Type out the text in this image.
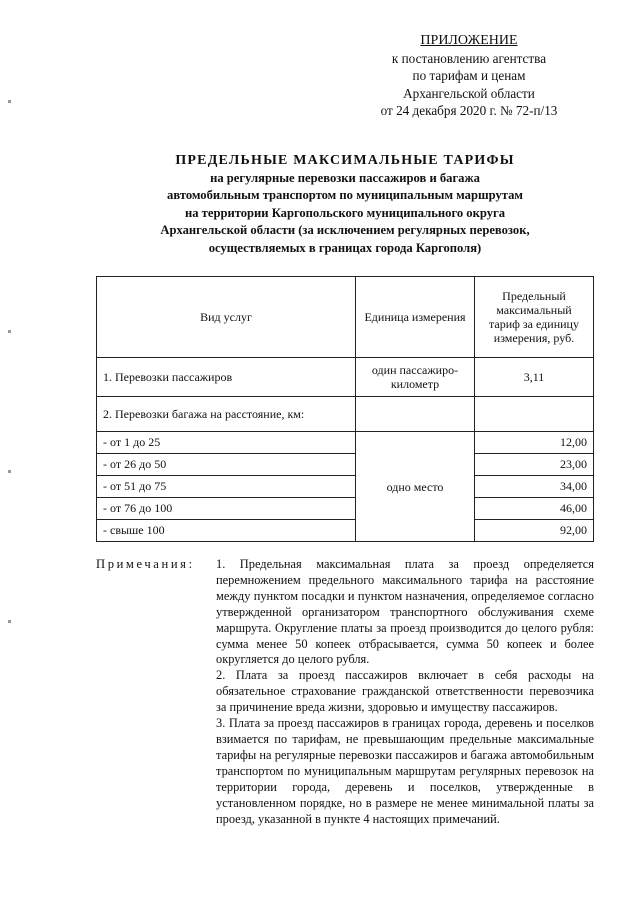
ПРИЛОЖЕНИЕ
к постановлению агентства
по тарифам и ценам
Архангельской области
от 24 декабря 2020 г. № 72-п/13
ПРЕДЕЛЬНЫЕ МАКСИМАЛЬНЫЕ ТАРИФЫ
на регулярные перевозки пассажиров и багажа
автомобильным транспортом по муниципальным маршрутам
на территории Каргопольского муниципального округа
Архангельской области (за исключением регулярных перевозок,
осуществляемых в границах города Каргополя)
Вид услуг	Единица измерения	Предельный максимальный тариф за единицу измерения, руб.
1. Перевозки пассажиров	один пассажиро-километр	3,11
2. Перевозки багажа на расстояние, км:		
- от 1 до 25	одно место	12,00
- от 26 до 50		23,00
- от 51 до 75		34,00
- от 76 до 100		46,00
- свыше 100		92,00
Примечания: 1. Предельная максимальная плата за проезд определяется перемножением предельного максимального тарифа на расстояние между пунктом посадки и пунктом назначения, определяемое согласно утвержденной организатором транспортного обслуживания схеме маршрута. Округление платы за проезд производится до целого рубля: сумма менее 50 копеек отбрасывается, сумма 50 копеек и более округляется до целого рубля.

2. Плата за проезд пассажиров включает в себя расходы на обязательное страхование гражданской ответственности перевозчика за причинение вреда жизни, здоровью и имуществу пассажиров.

3. Плата за проезд пассажиров в границах города, деревень и поселков взимается по тарифам, не превышающим предельные максимальные тарифы на регулярные перевозки пассажиров и багажа автомобильным транспортом по муниципальным маршрутам регулярных перевозок на территории города, деревень и поселков, утвержденные в установленном порядке, но в размере не менее минимальной платы за проезд, указанной в пункте 4 настоящих примечаний.
